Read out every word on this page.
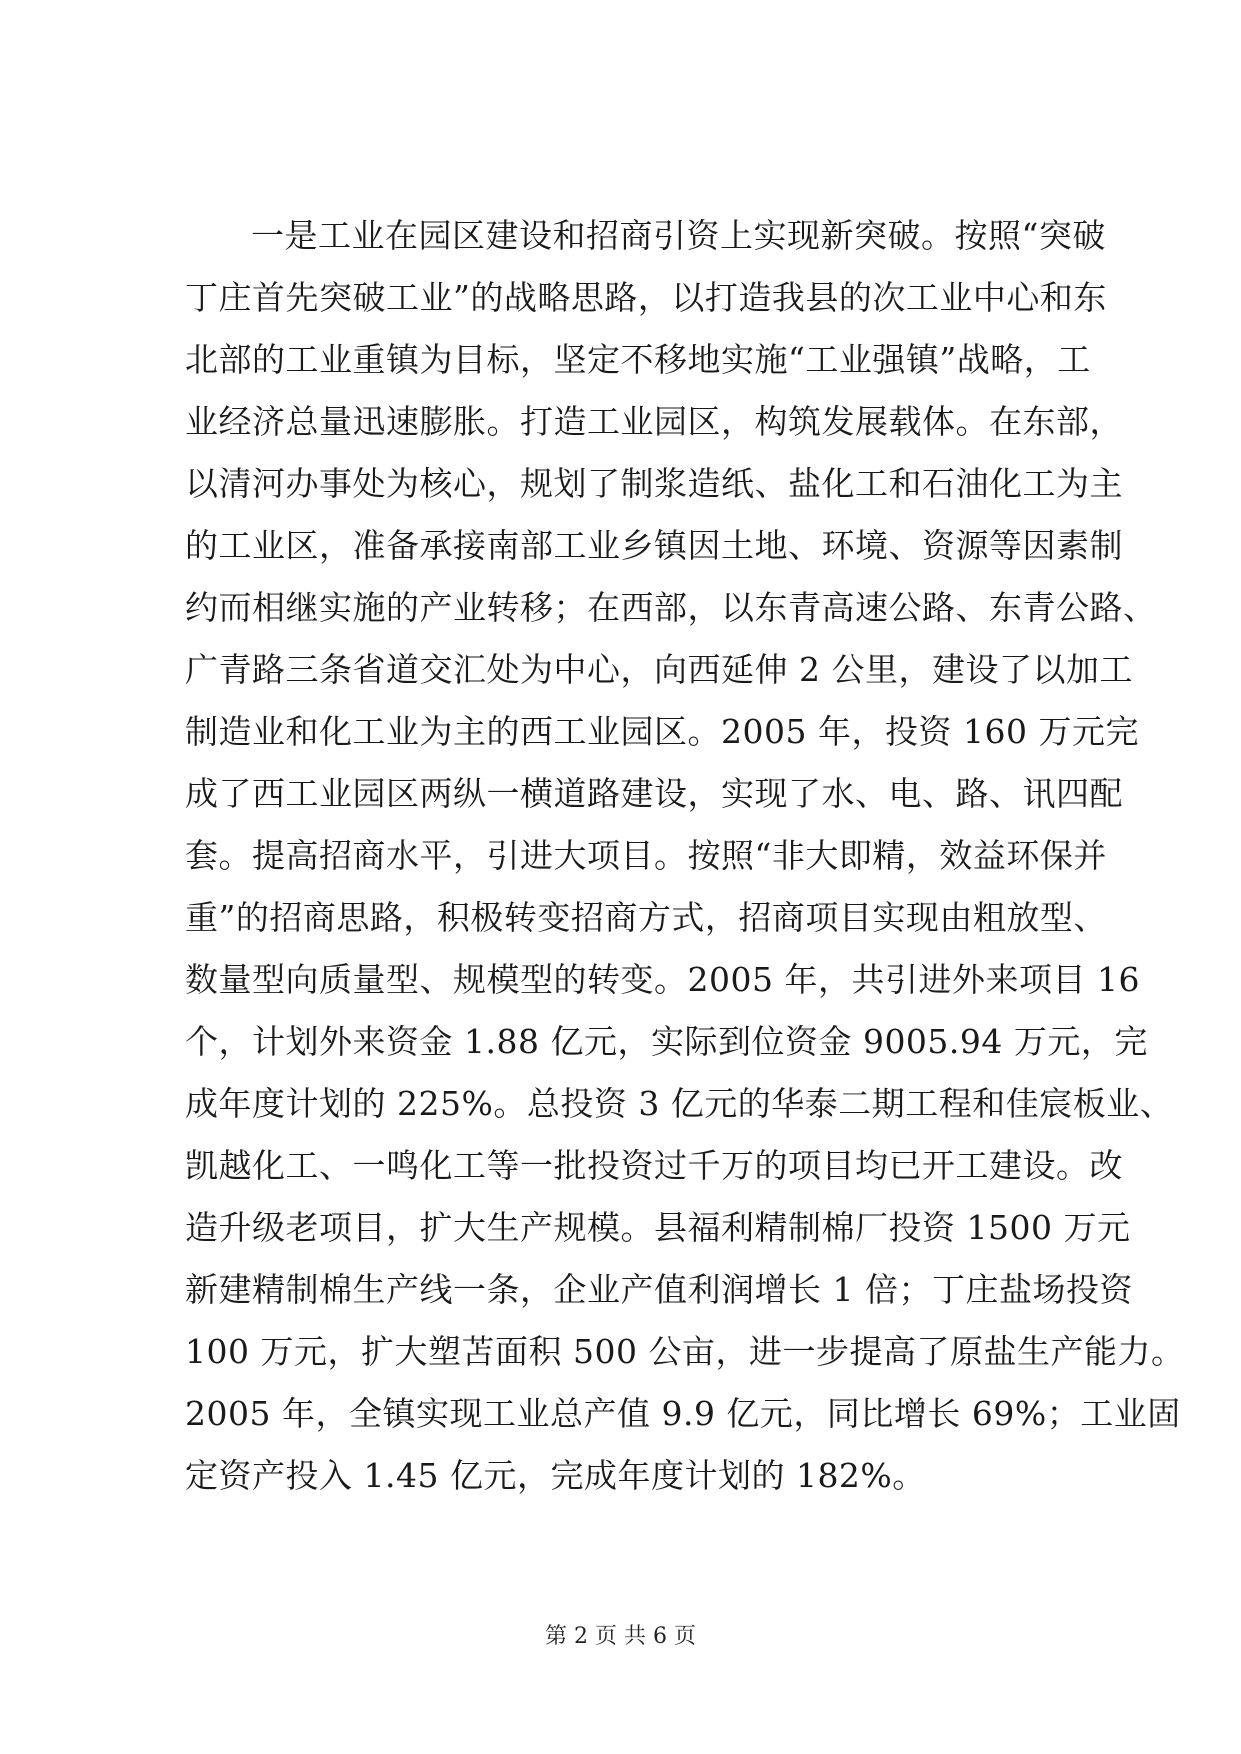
一是工业在园区建设和招商引资上实现新突破。按照“突破
丁庄首先突破工业”的战略思路，以打造我县的次工业中心和东
北部的工业重镇为目标，坚定不移地实施“工业强镇”战略，工
业经济总量迅速膨胀。打造工业园区，构筑发展载体。在东部，
以清河办事处为核心，规划了制浆造纸、盐化工和石油化工为主
的工业区，准备承接南部工业乡镇因土地、环境、资源等因素制
约而相继实施的产业转移；在西部，以东青高速公路、东青公路、
广青路三条省道交汇处为中心，向西延伸 2 公里，建设了以加工
制造业和化工业为主的西工业园区。2005 年，投资 160 万元完
成了西工业园区两纵一横道路建设，实现了水、电、路、讯四配
套。提高招商水平，引进大项目。按照“非大即精，效益环保并
重”的招商思路，积极转变招商方式，招商项目实现由粗放型、
数量型向质量型、规模型的转变。2005 年，共引进外来项目 16
个，计划外来资金 1.88 亿元，实际到位资金 9005.94 万元，完
成年度计划的 225%。总投资 3 亿元的华泰二期工程和佳宸板业、
凯越化工、一鸣化工等一批投资过千万的项目均已开工建设。改
造升级老项目，扩大生产规模。县福利精制棉厂投资 1500 万元
新建精制棉生产线一条，企业产值利润增长 1 倍；丁庄盐场投资
100 万元，扩大塑苫面积 500 公亩，进一步提高了原盐生产能力。
2005 年，全镇实现工业总产值 9.9 亿元，同比增长 69%；工业固
定资产投入 1.45 亿元，完成年度计划的 182%。
第 2 页 共 6 页
